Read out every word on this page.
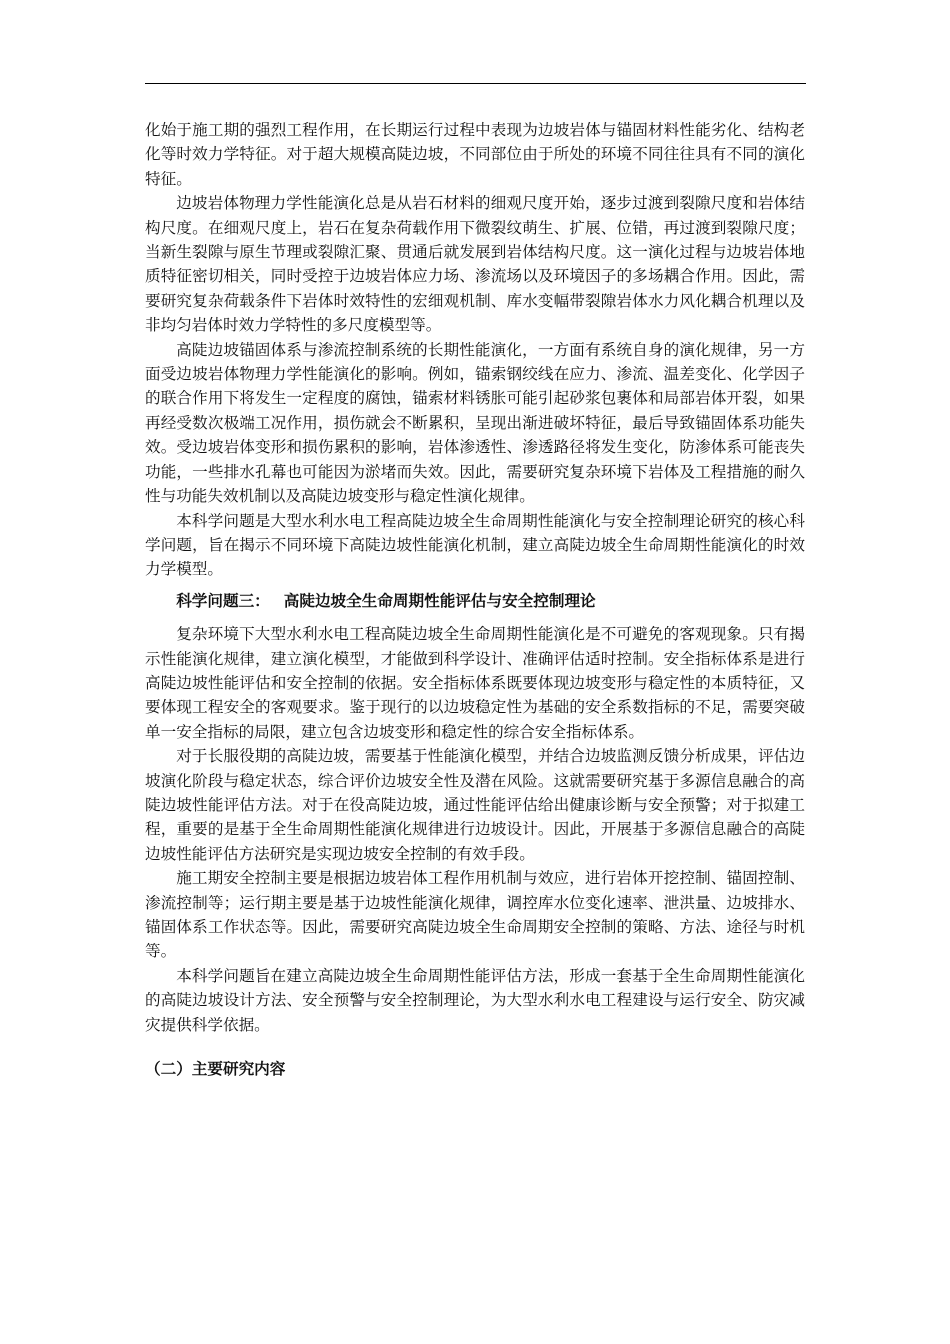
化始于施工期的强烈工程作用，在长期运行过程中表现为边坡岩体与锚固材料性能劣化、结构老化等时效力学特征。对于超大规模高陡边坡，不同部位由于所处的环境不同往往具有不同的演化特征。

边坡岩体物理力学性能演化总是从岩石材料的细观尺度开始，逐步过渡到裂隙尺度和岩体结构尺度。在细观尺度上，岩石在复杂荷载作用下微裂纹萌生、扩展、位错，再过渡到裂隙尺度；当新生裂隙与原生节理或裂隙汇聚、贯通后就发展到岩体结构尺度。这一演化过程与边坡岩体地质特征密切相关，同时受控于边坡岩体应力场、渗流场以及环境因子的多场耦合作用。因此，需要研究复杂荷载条件下岩体时效特性的宏细观机制、库水变幅带裂隙岩体水力风化耦合机理以及非均匀岩体时效力学特性的多尺度模型等。

高陡边坡锚固体系与渗流控制系统的长期性能演化，一方面有系统自身的演化规律，另一方面受边坡岩体物理力学性能演化的影响。例如，锚索钢绞线在应力、渗流、温差变化、化学因子的联合作用下将发生一定程度的腐蚀，锚索材料锈胀可能引起砂浆包裹体和局部岩体开裂，如果再经受数次极端工况作用，损伤就会不断累积，呈现出渐进破坏特征，最后导致锚固体系功能失效。受边坡岩体变形和损伤累积的影响，岩体渗透性、渗透路径将发生变化，防渗体系可能丧失功能，一些排水孔幕也可能因为淤堵而失效。因此，需要研究复杂环境下岩体及工程措施的耐久性与功能失效机制以及高陡边坡变形与稳定性演化规律。

本科学问题是大型水利水电工程高陡边坡全生命周期性能演化与安全控制理论研究的核心科学问题，旨在揭示不同环境下高陡边坡性能演化机制，建立高陡边坡全生命周期性能演化的时效力学模型。

科学问题三： 高陡边坡全生命周期性能评估与安全控制理论

复杂环境下大型水利水电工程高陡边坡全生命周期性能演化是不可避免的客观现象。只有揭示性能演化规律，建立演化模型，才能做到科学设计、准确评估适时控制。安全指标体系是进行高陡边坡性能评估和安全控制的依据。安全指标体系既要体现边坡变形与稳定性的本质特征，又要体现工程安全的客观要求。鉴于现行的以边坡稳定性为基础的安全系数指标的不足，需要突破单一安全指标的局限，建立包含边坡变形和稳定性的综合安全指标体系。

对于长服役期的高陡边坡，需要基于性能演化模型，并结合边坡监测反馈分析成果，评估边坡演化阶段与稳定状态，综合评价边坡安全性及潜在风险。这就需要研究基于多源信息融合的高陡边坡性能评估方法。对于在役高陡边坡，通过性能评估给出健康诊断与安全预警；对于拟建工程，重要的是基于全生命周期性能演化规律进行边坡设计。因此，开展基于多源信息融合的高陡边坡性能评估方法研究是实现边坡安全控制的有效手段。

施工期安全控制主要是根据边坡岩体工程作用机制与效应，进行岩体开挖控制、锚固控制、渗流控制等；运行期主要是基于边坡性能演化规律，调控库水位变化速率、泄洪量、边坡排水、锚固体系工作状态等。因此，需要研究高陡边坡全生命周期安全控制的策略、方法、途径与时机等。

本科学问题旨在建立高陡边坡全生命周期性能评估方法，形成一套基于全生命周期性能演化的高陡边坡设计方法、安全预警与安全控制理论，为大型水利水电工程建设与运行安全、防灾减灾提供科学依据。

（二）主要研究内容
